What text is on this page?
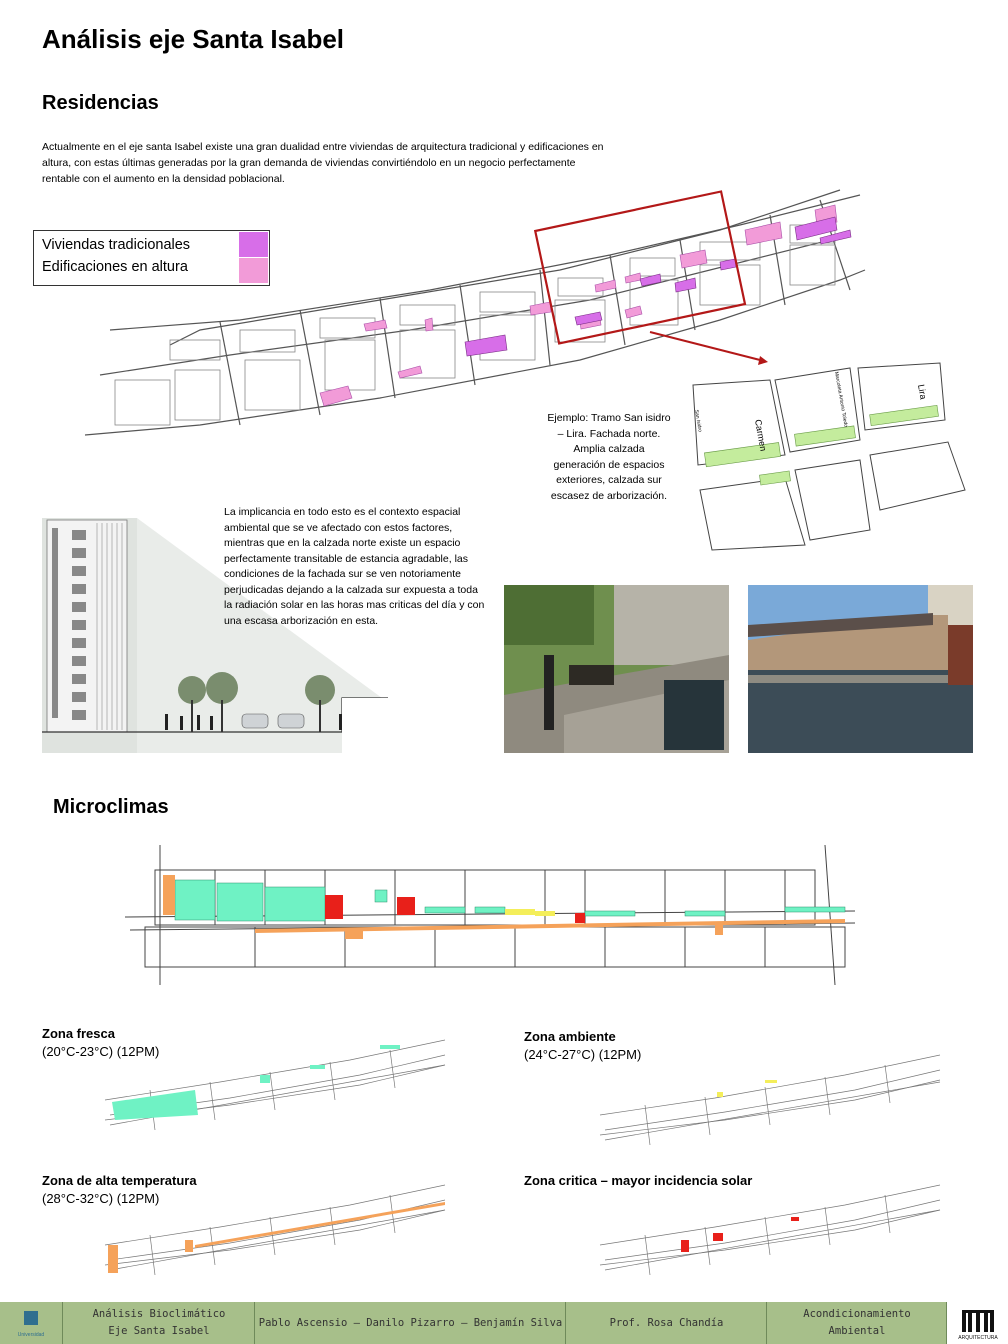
Análisis eje Santa Isabel
Residencias
Actualmente en el eje santa Isabel existe una gran dualidad entre viviendas de arquitectura tradicional y edificaciones en altura, con estas últimas generadas por la gran demanda de viviendas convirtiéndolo en un negocio perfectamente rentable con el aumento en la densidad poblacional.
Viviendas tradicionales
Edificaciones en altura
Carmen
Lira
San Isidro	Marcoleta Antonio Toledo
Ejemplo: Tramo San isidro – Lira. Fachada norte. Amplia calzada generación de espacios exteriores, calzada sur escasez de arborización.
La implicancia en todo esto es el contexto espacial ambiental que se ve afectado con estos factores, mientras que en la calzada norte existe un espacio perfectamente transitable de estancia agradable, las condiciones de la fachada sur se ven notoriamente perjudicadas dejando a la calzada sur expuesta a toda la radiación solar en las horas mas criticas del día y con una escasa arborización en esta.
Microclimas
Zona fresca
(20°C-23°C) (12PM)
Zona ambiente
(24°C-27°C) (12PM)
Zona de alta temperatura
(28°C-32°C) (12PM)
Zona critica – mayor incidencia solar
Universidad
Análisis Bioclimático
Eje Santa Isabel
Pablo Ascensio – Danilo Pizarro – Benjamín Silva	Prof. Rosa Chandía
Acondicionamiento
Ambiental
ARQUITECTURA
